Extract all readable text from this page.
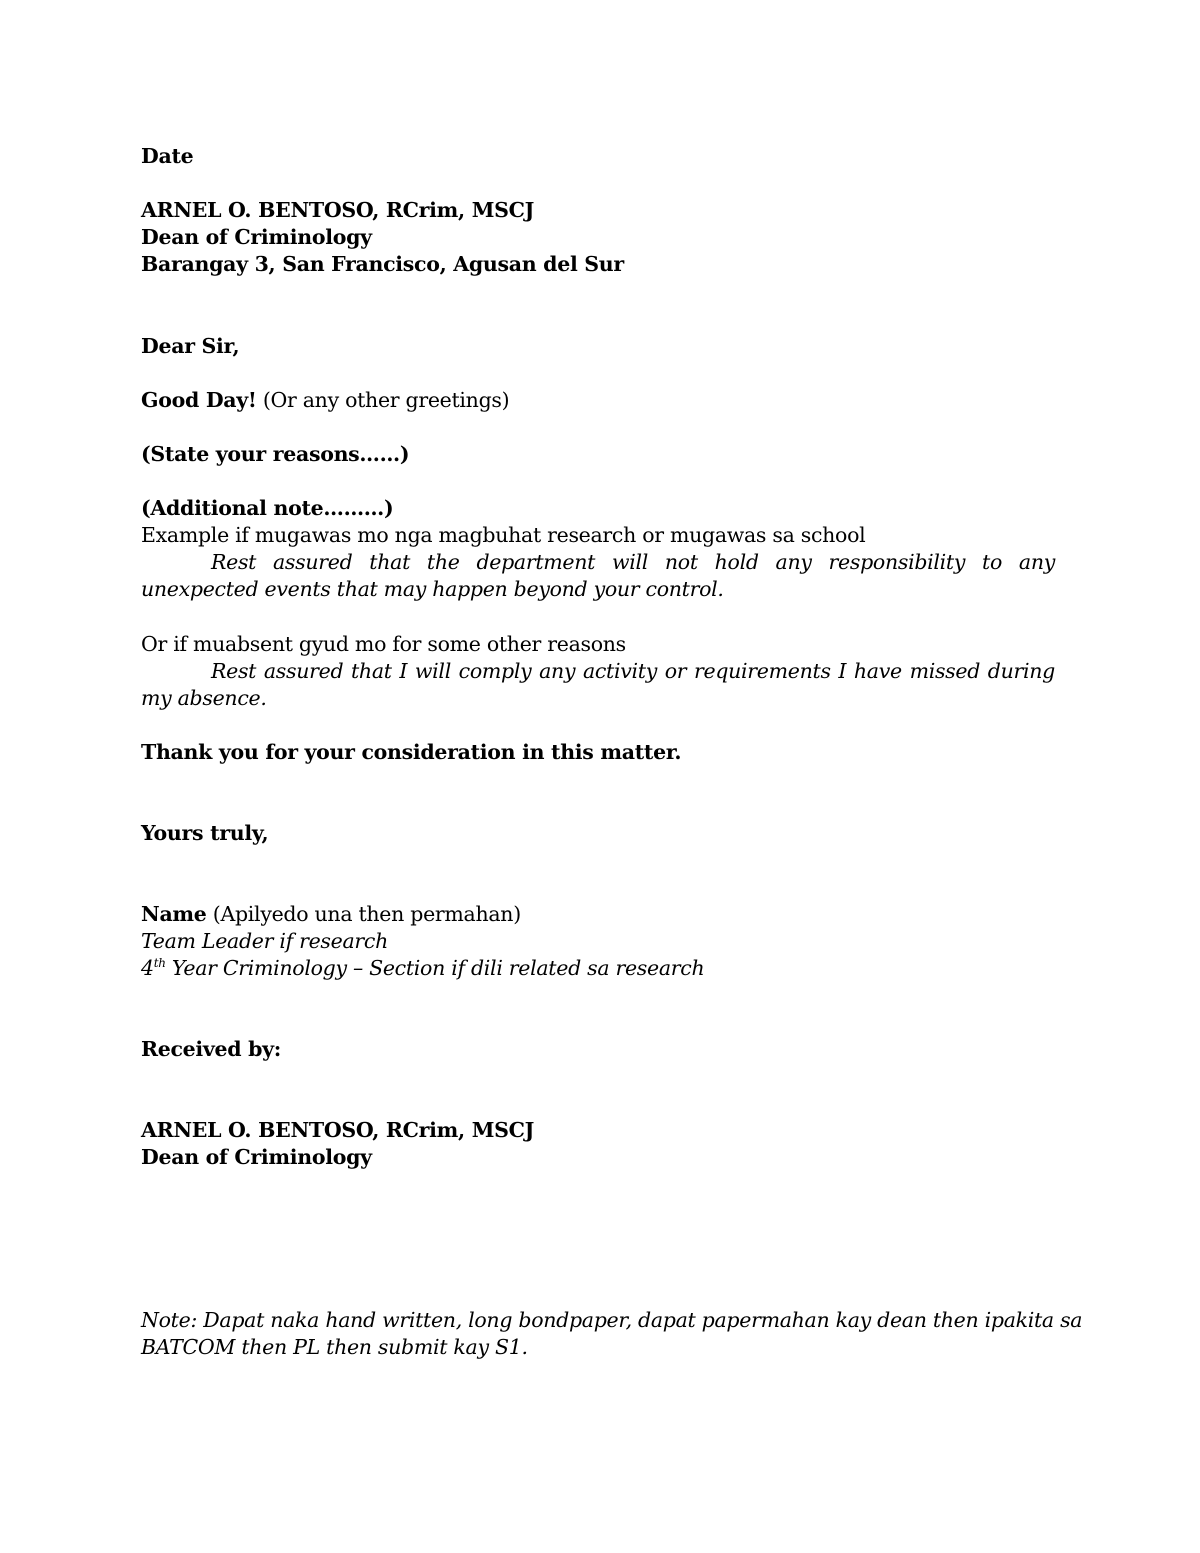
Date
ARNEL O. BENTOSO, RCrim, MSCJ
Dean of Criminology
Barangay 3, San Francisco, Agusan del Sur
Dear Sir,
Good Day! (Or any other greetings)
(State your reasons……)
(Additional note………)
Example if mugawas mo nga magbuhat research or mugawas sa school
Rest assured that the department will not hold any responsibility to any unexpected events that may happen beyond your control.
Or if muabsent gyud mo for some other reasons
Rest assured that I will comply any activity or requirements I have missed during my absence.
Thank you for your consideration in this matter.
Yours truly,
Name (Apilyedo una then permahan)
Team Leader if research
4th Year Criminology – Section if dili related sa research
Received by:
ARNEL O. BENTOSO, RCrim, MSCJ
Dean of Criminology
Note: Dapat naka hand written, long bondpaper, dapat papermahan kay dean then ipakita sa
BATCOM then PL then submit kay S1.
